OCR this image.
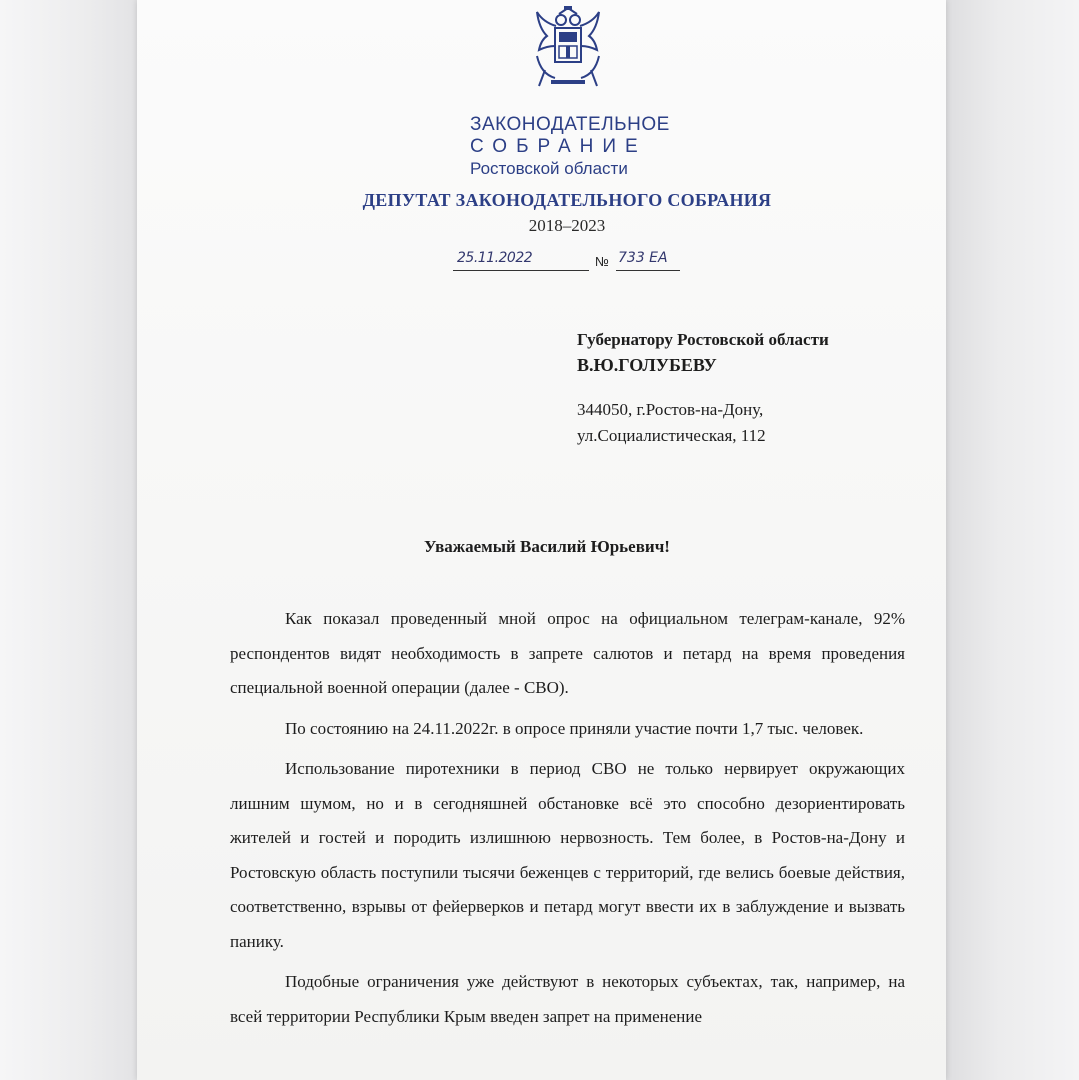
ЗАКОНОДАТЕЛЬНОЕ
СОБРАНИЕ
Ростовской области
ДЕПУТАТ ЗАКОНОДАТЕЛЬНОГО СОБРАНИЯ
2018–2023
25.11.2022	№ 733 ЕА
Губернатору Ростовской области
В.Ю.ГОЛУБЕВУ
344050, г.Ростов-на-Дону,
ул.Социалистическая, 112
Уважаемый Василий Юрьевич!

Как показал проведенный мной опрос на официальном телеграм-канале, 92% респондентов видят необходимость в запрете салютов и петард на время проведения специальной военной операции (далее - СВО).

По состоянию на 24.11.2022г. в опросе приняли участие почти 1,7 тыс. человек.

Использование пиротехники в период СВО не только нервирует окружающих лишним шумом, но и в сегодняшней обстановке всё это способно дезориентировать жителей и гостей и породить излишнюю нервозность. Тем более, в Ростов-на-Дону и Ростовскую область поступили тысячи беженцев с территорий, где велись боевые действия, соответственно, взрывы от фейерверков и петард могут ввести их в заблуждение и вызвать панику.

Подобные ограничения уже действуют в некоторых субъектах, так, например, на всей территории Республики Крым введен запрет на применение
